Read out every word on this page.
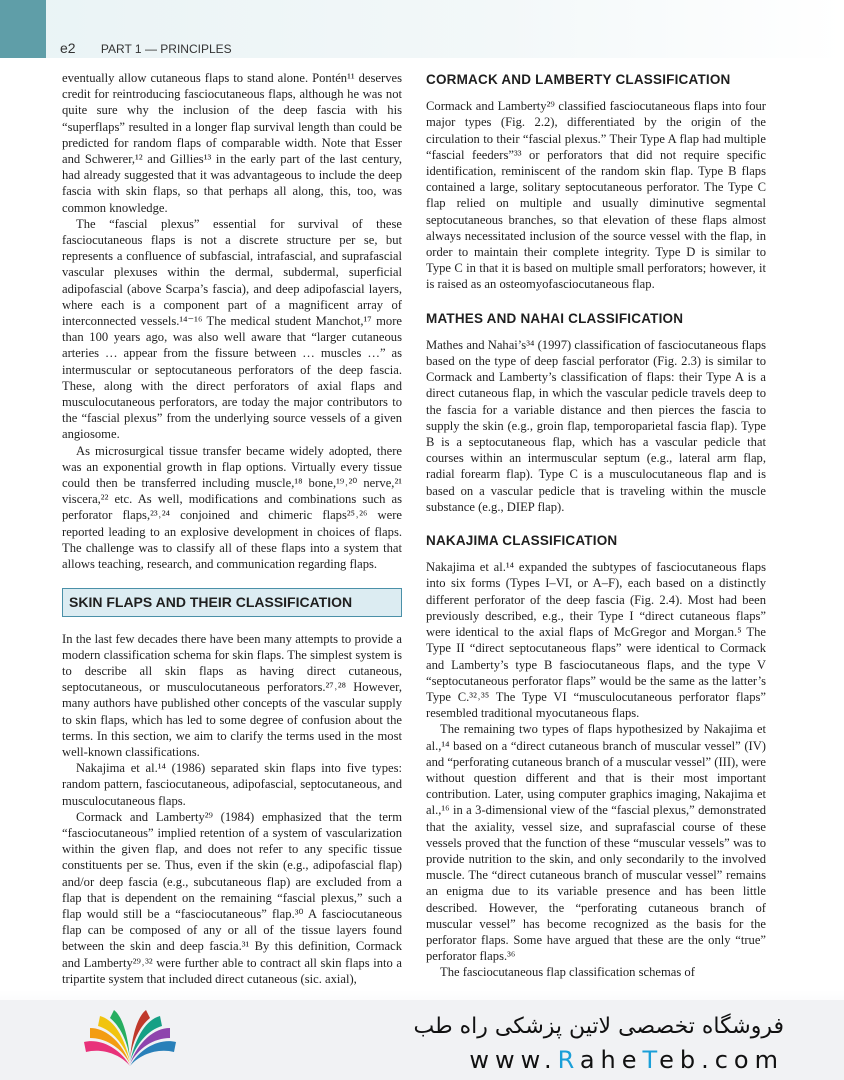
e2 PART 1 — PRINCIPLES

eventually allow cutaneous flaps to stand alone. Pontén¹¹ deserves credit for reintroducing fasciocutaneous flaps, although he was not quite sure why the inclusion of the deep fascia with his “superflaps” resulted in a longer flap survival length than could be predicted for random flaps of comparable width. Note that Esser and Schwerer,¹² and Gillies¹³ in the early part of the last century, had already suggested that it was advantageous to include the deep fascia with skin flaps, so that perhaps all along, this, too, was common knowledge.

The “fascial plexus” essential for survival of these fasciocutaneous flaps is not a discrete structure per se, but represents a confluence of subfascial, intrafascial, and suprafascial vascular plexuses within the dermal, subdermal, superficial adipofascial (above Scarpa’s fascia), and deep adipofascial layers, where each is a component part of a magnificent array of interconnected vessels.¹⁴⁻¹⁶ The medical student Manchot,¹⁷ more than 100 years ago, was also well aware that “larger cutaneous arteries … appear from the fissure between … muscles …” as intermuscular or septocutaneous perforators of the deep fascia. These, along with the direct perforators of axial flaps and musculocutaneous perforators, are today the major contributors to the “fascial plexus” from the underlying source vessels of a given angiosome.

As microsurgical tissue transfer became widely adopted, there was an exponential growth in flap options. Virtually every tissue could then be transferred including muscle,¹⁸ bone,¹⁹˒²⁰ nerve,²¹ viscera,²² etc. As well, modifications and combinations such as perforator flaps,²³˒²⁴ conjoined and chimeric flaps²⁵˒²⁶ were reported leading to an explosive development in choices of flaps. The challenge was to classify all of these flaps into a system that allows teaching, research, and communication regarding flaps.

SKIN FLAPS AND THEIR CLASSIFICATION

In the last few decades there have been many attempts to provide a modern classification schema for skin flaps. The simplest system is to describe all skin flaps as having direct cutaneous, septocutaneous, or musculocutaneous perforators.²⁷˒²⁸ However, many authors have published other concepts of the vascular supply to skin flaps, which has led to some degree of confusion about the terms. In this section, we aim to clarify the terms used in the most well-known classifications.

Nakajima et al.¹⁴ (1986) separated skin flaps into five types: random pattern, fasciocutaneous, adipofascial, septocutaneous, and musculocutaneous flaps.

Cormack and Lamberty²⁹ (1984) emphasized that the term “fasciocutaneous” implied retention of a system of vascularization within the given flap, and does not refer to any specific tissue constituents per se. Thus, even if the skin (e.g., adipofascial flap) and/or deep fascia (e.g., subcutaneous flap) are excluded from a flap that is dependent on the remaining “fascial plexus,” such a flap would still be a “fasciocutaneous” flap.³⁰ A fasciocutaneous flap can be composed of any or all of the tissue layers found between the skin and deep fascia.³¹ By this definition, Cormack and Lamberty²⁹˒³² were further able to contract all skin flaps into a tripartite system that included direct cutaneous (sic. axial),

CORMACK AND LAMBERTY CLASSIFICATION

Cormack and Lamberty²⁹ classified fasciocutaneous flaps into four major types (Fig. 2.2), differentiated by the origin of the circulation to their “fascial plexus.” Their Type A flap had multiple “fascial feeders”³³ or perforators that did not require specific identification, reminiscent of the random skin flap. Type B flaps contained a large, solitary septocutaneous perforator. The Type C flap relied on multiple and usually diminutive segmental septocutaneous branches, so that elevation of these flaps almost always necessitated inclusion of the source vessel with the flap, in order to maintain their complete integrity. Type D is similar to Type C in that it is based on multiple small perforators; however, it is raised as an osteomyofasciocutaneous flap.

MATHES AND NAHAI CLASSIFICATION

Mathes and Nahai’s³⁴ (1997) classification of fasciocutaneous flaps based on the type of deep fascial perforator (Fig. 2.3) is similar to Cormack and Lamberty’s classification of flaps: their Type A is a direct cutaneous flap, in which the vascular pedicle travels deep to the fascia for a variable distance and then pierces the fascia to supply the skin (e.g., groin flap, temporoparietal fascia flap). Type B is a septocutaneous flap, which has a vascular pedicle that courses within an intermuscular septum (e.g., lateral arm flap, radial forearm flap). Type C is a musculocutaneous flap and is based on a vascular pedicle that is traveling within the muscle substance (e.g., DIEP flap).

NAKAJIMA CLASSIFICATION

Nakajima et al.¹⁴ expanded the subtypes of fasciocutaneous flaps into six forms (Types I–VI, or A–F), each based on a distinctly different perforator of the deep fascia (Fig. 2.4). Most had been previously described, e.g., their Type I “direct cutaneous flaps” were identical to the axial flaps of McGregor and Morgan.⁵ The Type II “direct septocutaneous flaps” were identical to Cormack and Lamberty’s type B fasciocutaneous flaps, and the type V “septocutaneous perforator flaps” would be the same as the latter’s Type C.³²˒³⁵ The Type VI “musculocutaneous perforator flaps” resembled traditional myocutaneous flaps.

The remaining two types of flaps hypothesized by Nakajima et al.,¹⁴ based on a “direct cutaneous branch of muscular vessel” (IV) and “perforating cutaneous branch of a muscular vessel” (III), were without question different and that is their most important contribution. Later, using computer graphics imaging, Nakajima et al.,¹⁶ in a 3-dimensional view of the “fascial plexus,” demonstrated that the axiality, vessel size, and suprafascial course of these vessels proved that the function of these “muscular vessels” was to provide nutrition to the skin, and only secondarily to the involved muscle. The “direct cutaneous branch of muscular vessel” remains an enigma due to its variable presence and has been little described. However, the “perforating cutaneous branch of muscular vessel” has become recognized as the basis for the perforator flaps. Some have argued that these are the only “true” perforator flaps.³⁶

The fasciocutaneous flap classification schemas of

فروشگاه تخصصی لاتین پزشکی راه طب
www.RaheTeb.com
